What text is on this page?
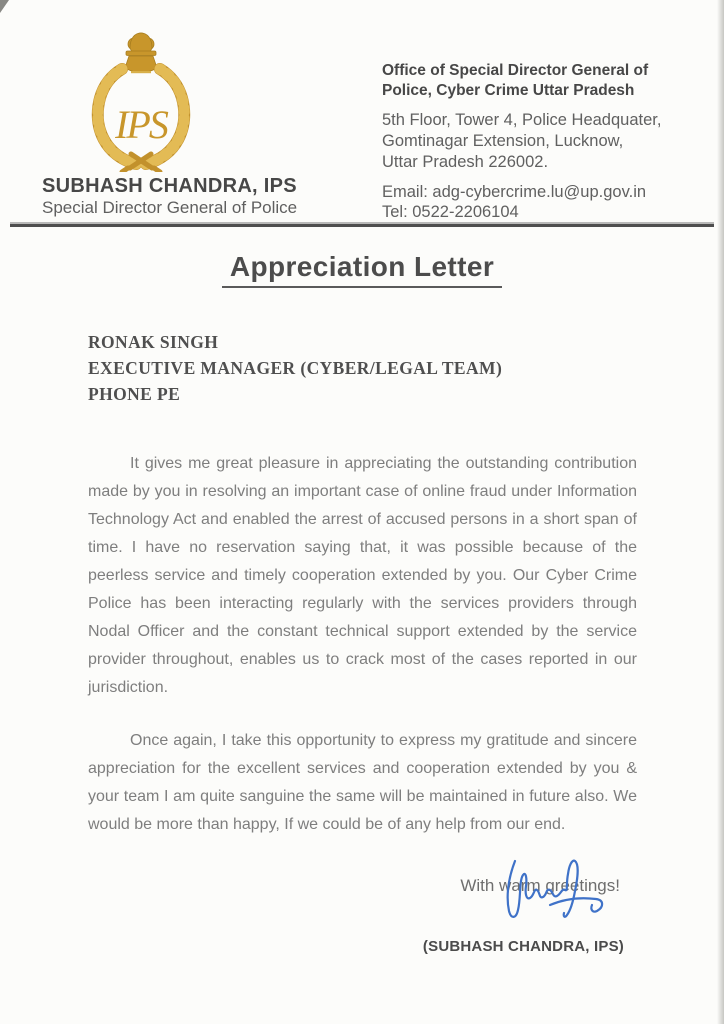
IPS
SUBHASH CHANDRA, IPS
Special Director General of Police
Office of Special Director General of Police, Cyber Crime Uttar Pradesh
5th Floor, Tower 4, Police Headquater,
Gomtinagar Extension, Lucknow,
Uttar Pradesh 226002.
Email: adg-cybercrime.lu@up.gov.in
Tel: 0522-2206104
Appreciation Letter
RONAK SINGH
EXECUTIVE MANAGER (CYBER/LEGAL TEAM)
PHONE PE

It gives me great pleasure in appreciating the outstanding contribution made by you in resolving an important case of online fraud under Information Technology Act and enabled the arrest of accused persons in a short span of time. I have no reservation saying that, it was possible because of the peerless service and timely cooperation extended by you. Our Cyber Crime Police has been interacting regularly with the services providers through Nodal Officer and the constant technical support extended by the service provider throughout, enables us to crack most of the cases reported in our jurisdiction.

Once again, I take this opportunity to express my gratitude and sincere appreciation for the excellent services and cooperation extended by you & your team I am quite sanguine the same will be maintained in future also. We would be more than happy, If we could be of any help from our end.

With warm greetings!
(SUBHASH CHANDRA, IPS)
